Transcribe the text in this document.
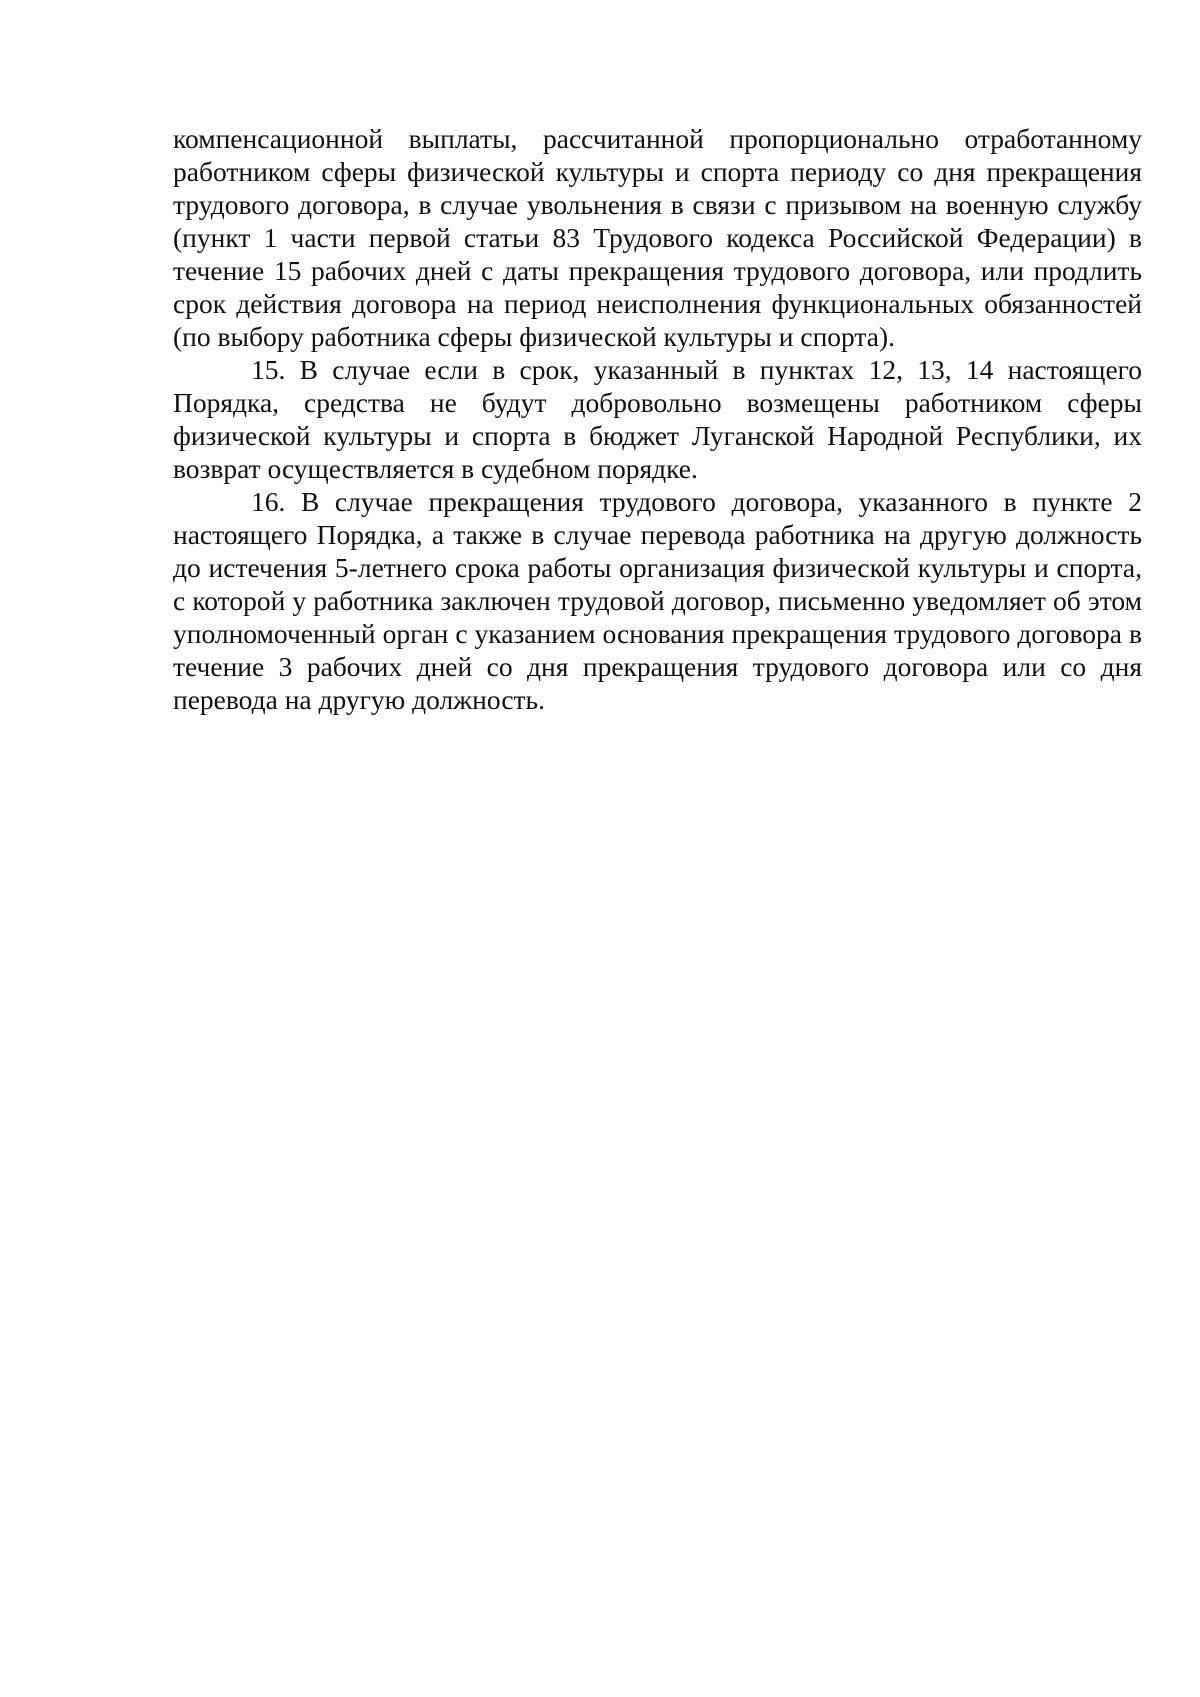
компенсационной выплаты, рассчитанной пропорционально отработанному работником сферы физической культуры и спорта периоду со дня прекращения трудового договора, в случае увольнения в связи с призывом на военную службу (пункт 1 части первой статьи 83 Трудового кодекса Российской Федерации) в течение 15 рабочих дней с даты прекращения трудового договора, или продлить срок действия договора на период неисполнения функциональных обязанностей (по выбору работника сферы физической культуры и спорта).

15. В случае если в срок, указанный в пунктах 12, 13, 14 настоящего Порядка, средства не будут добровольно возмещены работником сферы физической культуры и спорта в бюджет Луганской Народной Республики, их возврат осуществляется в судебном порядке.

16. В случае прекращения трудового договора, указанного в пункте 2 настоящего Порядка, а также в случае перевода работника на другую должность до истечения 5-летнего срока работы организация физической культуры и спорта, с которой у работника заключен трудовой договор, письменно уведомляет об этом уполномоченный орган с указанием основания прекращения трудового договора в течение 3 рабочих дней со дня прекращения трудового договора или со дня перевода на другую должность.
